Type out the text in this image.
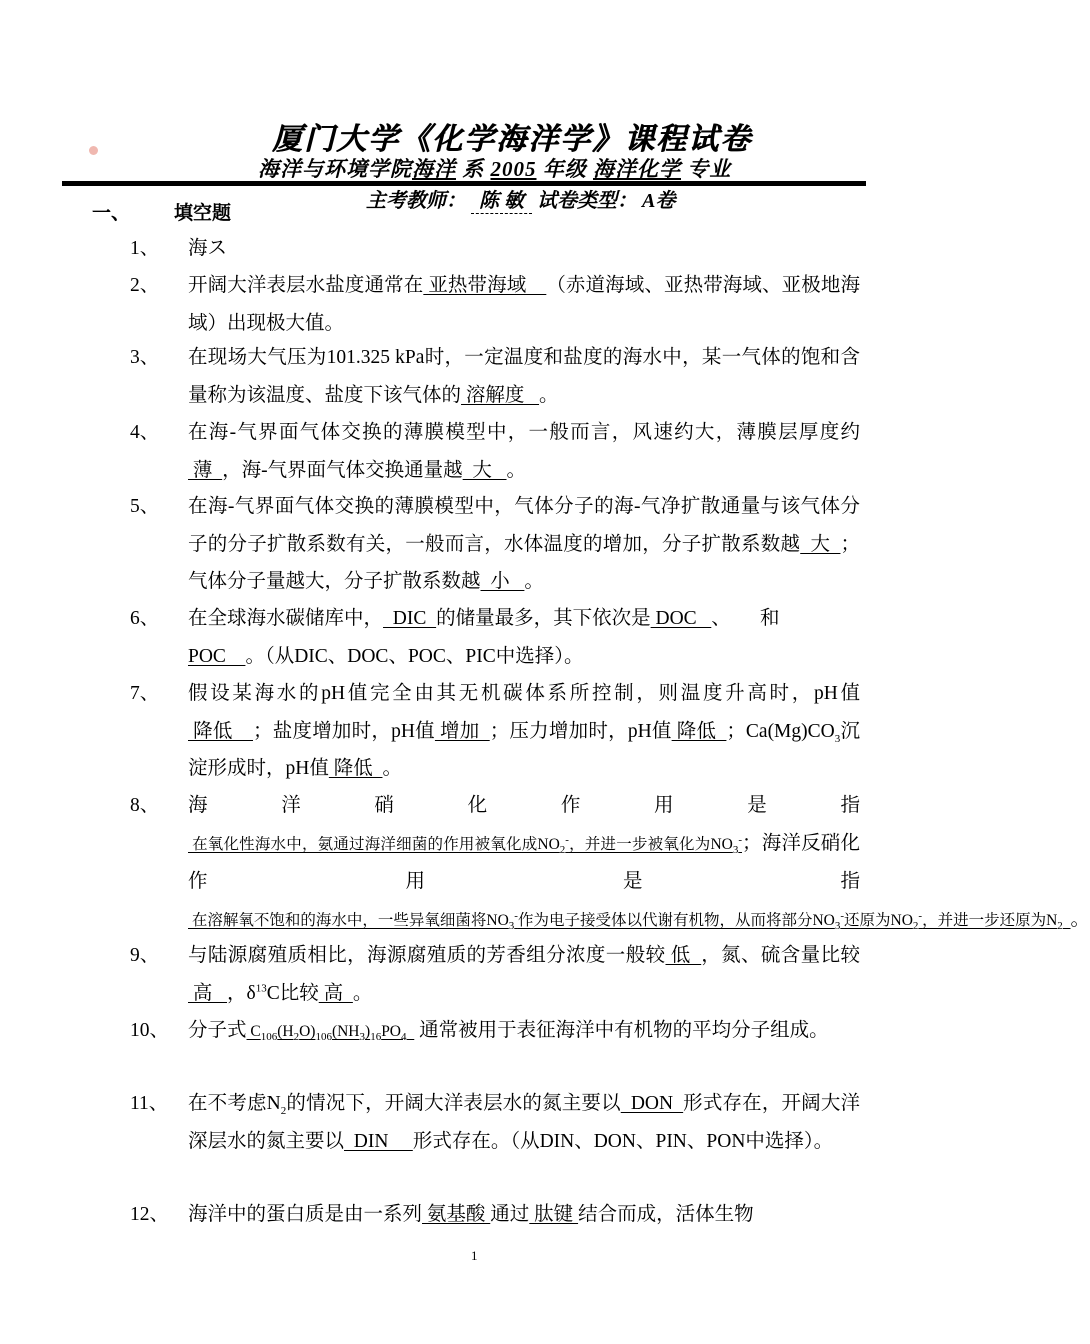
厦门大学《化学海洋学》课程试卷
海洋与环境学院海洋 系 2005 年级 海洋化学 专业
主考教师： 陈 敏 试卷类型： A卷
一、 填空题
1、 海ス
2、 开阔大洋表层水盐度通常在 亚热带海域    （赤道海域、亚热带海域、亚极地海域）出现极大值。
3、 在现场大气压为101.325 kPa时，一定温度和盐度的海水中，某一气体的饱和含量称为该温度、盐度下该气体的 溶解度   。
4、 在海-气界面气体交换的薄膜模型中，一般而言，风速约大，薄膜层厚度约 薄  ，海-气界面气体交换通量越  大   。
5、 在海-气界面气体交换的薄膜模型中，气体分子的海-气净扩散通量与该气体分子的分子扩散系数有关，一般而言，水体温度的增加，分子扩散系数越  大  ；气体分子量越大，分子扩散系数越  小   。
6、 在全球海水碳储库中，  DIC  的储量最多，其下依次是 DOC   、      和
POC    。（从DIC、DOC、POC、PIC中选择）。
7、 假设某海水的pH值完全由其无机碳体系所控制，则温度升高时，pH值 降低    ；盐度增加时，pH值 增加  ；压力增加时，pH值 降低  ；$Ca(Mg)CO_3$沉淀形成时，pH值 降低  。
8、 海洋硝化作用是指 在氧化性海水中，氨通过海洋细菌的作用被氧化成$NO_2^-$，并进一步被氧化为$NO_3^-$；海洋反硝化作用是指 在溶解氧不饱和的海水中，一些异氧细菌将$NO_3^-$作为电子接受体以代谢有机物，从而将部分$NO_3^-$还原为$NO_2^-$，并进一步还原为$N_2$ 。
9、 与陆源腐殖质相比，海源腐殖质的芳香组分浓度一般较 低  ，氮、硫含量比较 高   ，$\delta^{13}C$比较 高  。
10、 分子式 $C_{106}(H_2O)_{106}(NH_3)_{16}PO_4$   通常被用于表征海洋中有机物的平均分子组成。
11、 在不考虑$N_2$的情况下，开阔大洋表层水的氮主要以  DON  形式存在，开阔大洋深层水的氮主要以  DIN     形式存在。（从DIN、DON、PIN、PON中选择）。
12、 海洋中的蛋白质是由一系列 氨基酸 通过 肽键 结合而成，活体生物
1
